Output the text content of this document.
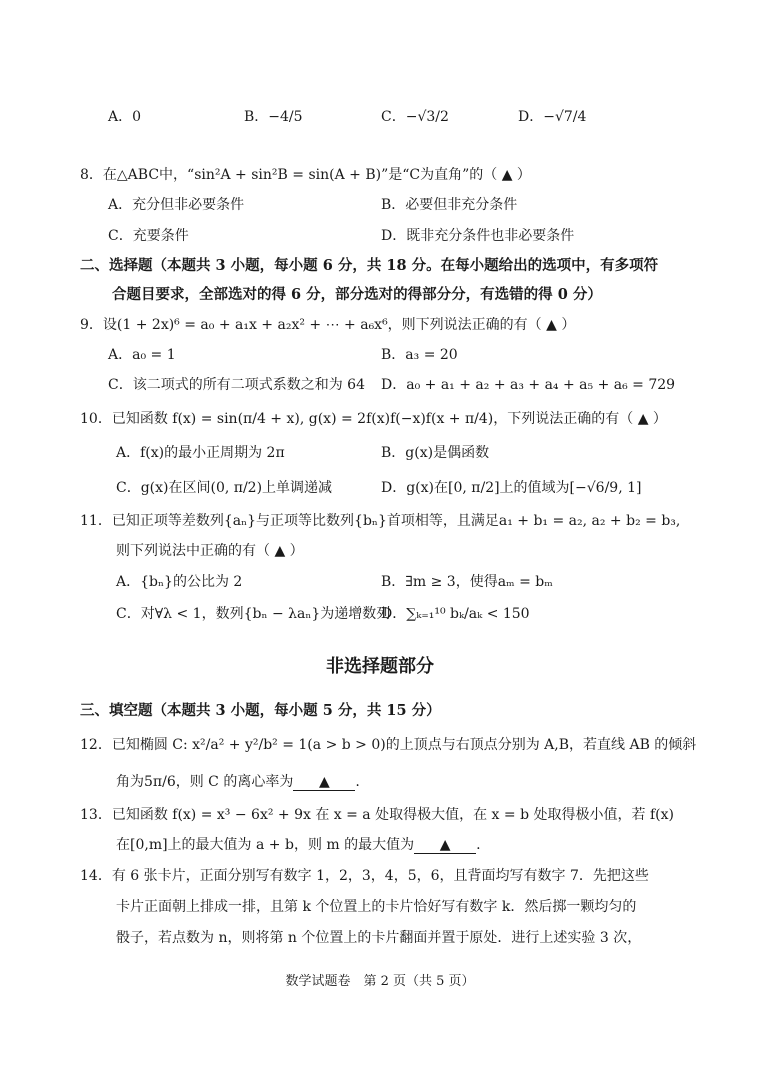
A．0	B．−4/5	C．−√3/2	D．−√7/4
8．在△ABC中，“sin²A + sin²B = sin(A + B)”是“C为直角”的（ ▲ ）
A．充分但非必要条件	B．必要但非充分条件
C．充要条件	D．既非充分条件也非必要条件
二、选择题（本题共 3 小题，每小题 6 分，共 18 分。在每小题给出的选项中，有多项符
合题目要求，全部选对的得 6 分，部分选对的得部分分，有选错的得 0 分）
9．设(1 + 2x)⁶ = a₀ + a₁x + a₂x² + ⋯ + a₆x⁶，则下列说法正确的有（ ▲ ）
A．a₀ = 1	B．a₃ = 20
C．该二项式的所有二项式系数之和为 64 D．a₀ + a₁ + a₂ + a₃ + a₄ + a₅ + a₆ = 729
10．已知函数 f(x) = sin(π/4 + x), g(x) = 2f(x)f(−x)f(x + π/4)，下列说法正确的有（ ▲ ）
A．f(x)的最小正周期为 2π	B．g(x)是偶函数
C．g(x)在区间(0, π/2)上单调递减	D．g(x)在[0, π/2]上的值域为[−√6/9, 1]
11．已知正项等差数列{aₙ}与正项等比数列{bₙ}首项相等，且满足a₁ + b₁ = a₂, a₂ + b₂ = b₃,
则下列说法中正确的有（ ▲ ）
A．{bₙ}的公比为 2	B．∃m ≥ 3，使得aₘ = bₘ
C．对∀λ < 1，数列{bₙ − λaₙ}为递增数列
D．∑ₖ₌₁¹⁰ bₖ/aₖ < 150
非选择题部分
三、填空题（本题共 3 小题，每小题 5 分，共 15 分）
12．已知椭圆 C: x²/a² + y²/b² = 1(a > b > 0)的上顶点与右顶点分别为 A,B，若直线 AB 的倾斜
角为5π/6，则 C 的离心率为 ▲ .
13．已知函数 f(x) = x³ − 6x² + 9x 在 x = a 处取得极大值，在 x = b 处取得极小值，若 f(x)
在[0,m]上的最大值为 a + b，则 m 的最大值为 ▲ .
14．有 6 张卡片，正面分别写有数字 1，2，3，4，5，6，且背面均写有数字 7．先把这些
卡片正面朝上排成一排，且第 k 个位置上的卡片恰好写有数字 k．然后掷一颗均匀的
骰子，若点数为 n，则将第 n 个位置上的卡片翻面并置于原处．进行上述实验 3 次，
数学试题卷　第 2 页（共 5 页）
